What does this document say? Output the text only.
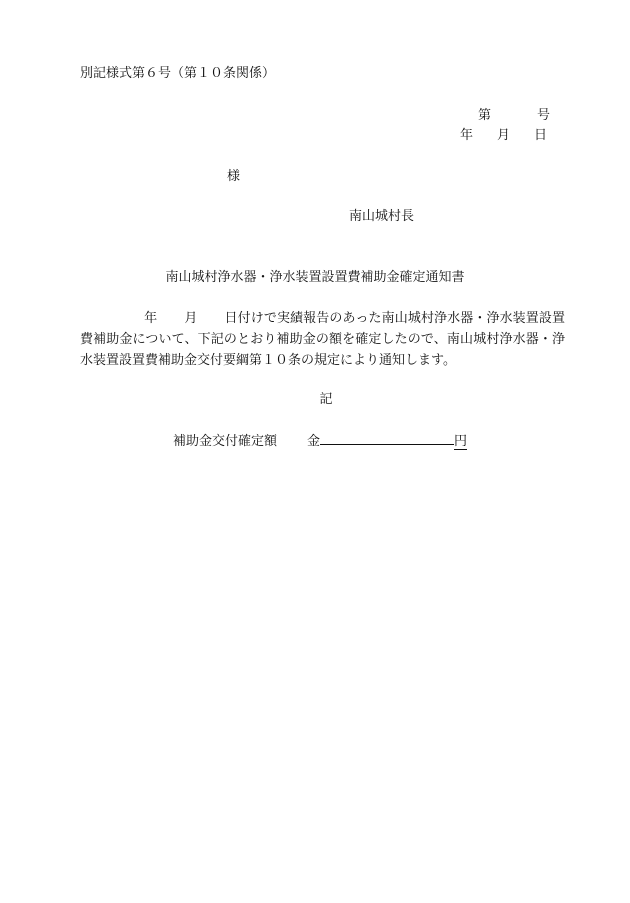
別記様式第６号（第１０条関係）
第	号
年 月 日
様
南山城村長
南山城村浄水器・浄水装置設置費補助金確定通知書
年 月 日付けで実績報告のあった南山城村浄水器・浄水装置設置費補助金について、下記のとおり補助金の額を確定したので、南山城村浄水器・浄水装置設置費補助金交付要綱第１０条の規定により通知します。
記
補助金交付確定額 金	円
